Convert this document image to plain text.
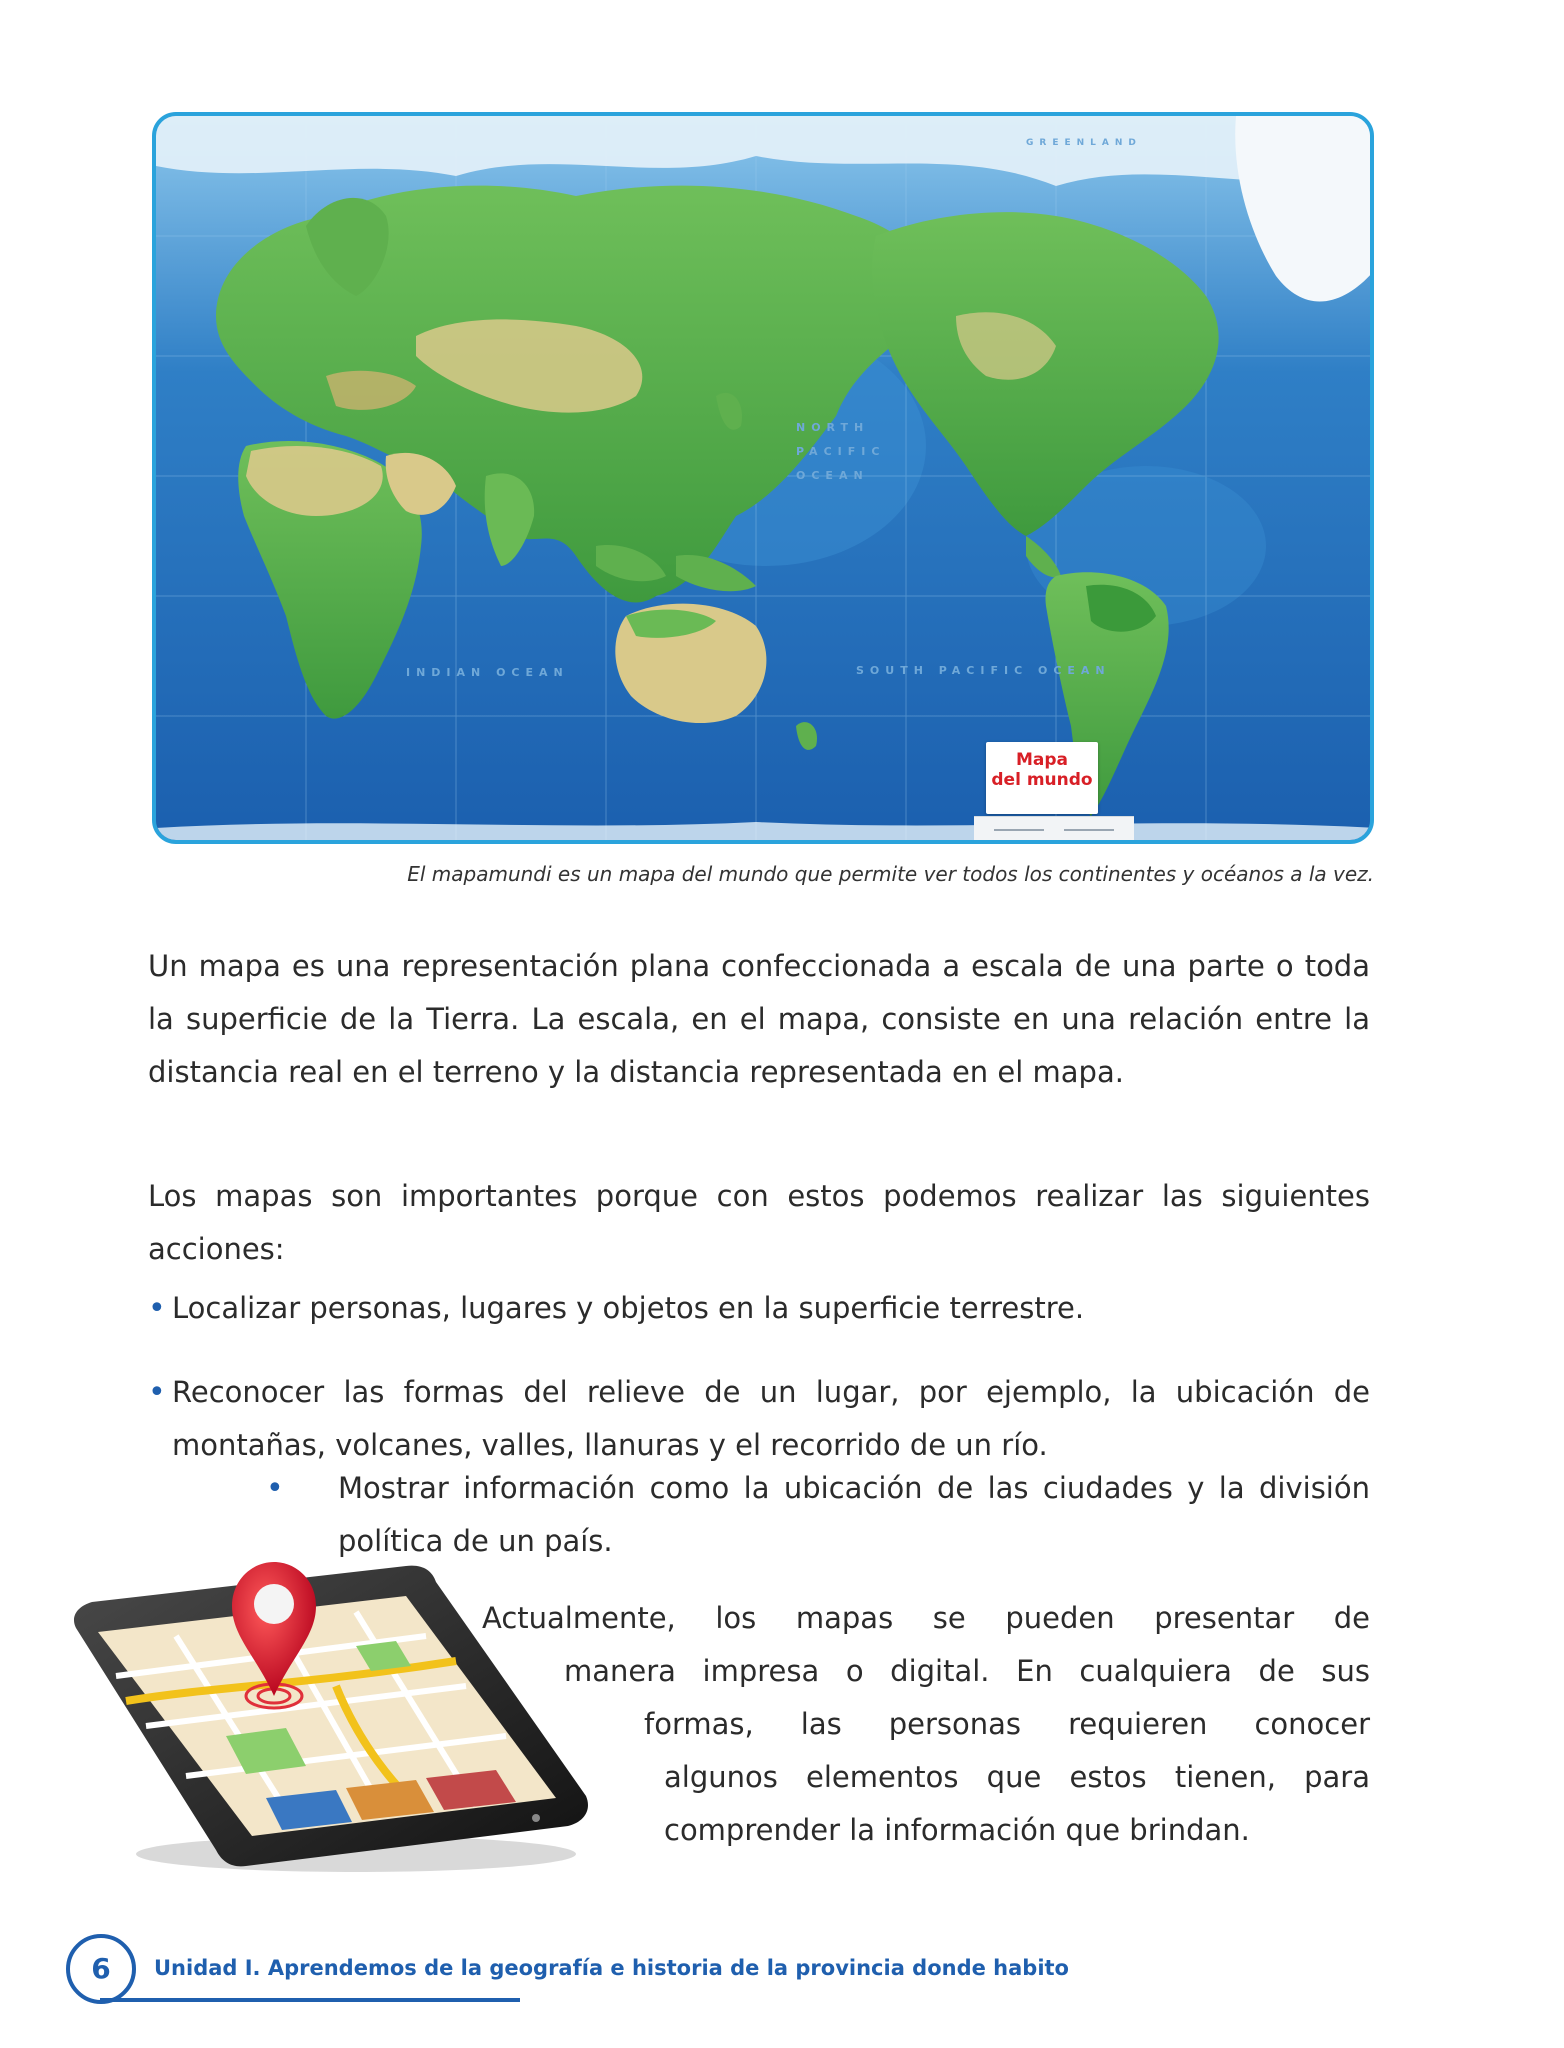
GREENLAND
INDIAN OCEAN
NORTH PACIFIC OCEAN
SOUTH PACIFIC OCEAN
Mapa
del mundo
El mapamundi es un mapa del mundo que permite ver todos los continentes y océanos a la vez.

Un mapa es una representación plana confeccionada a escala de una parte o toda la superficie de la Tierra. La escala, en el mapa, consiste en una relación entre la distancia real en el terreno y la distancia representada en el mapa.

Los mapas son importantes porque con estos podemos realizar las siguientes acciones:

• Localizar personas, lugares y objetos en la superficie terrestre.

• Reconocer las formas del relieve de un lugar, por ejemplo, la ubicación de montañas, volcanes, valles, llanuras y el recorrido de un río.

• Mostrar información como la ubicación de las ciudades y la división política de un país.

Actualmente, los mapas se pueden presentar de

manera impresa o digital. En cualquiera de sus

formas, las personas requieren conocer

algunos elementos que estos tienen, para

comprender la información que brindan.

6	Unidad I. Aprendemos de la geografía e historia de la provincia donde habito
